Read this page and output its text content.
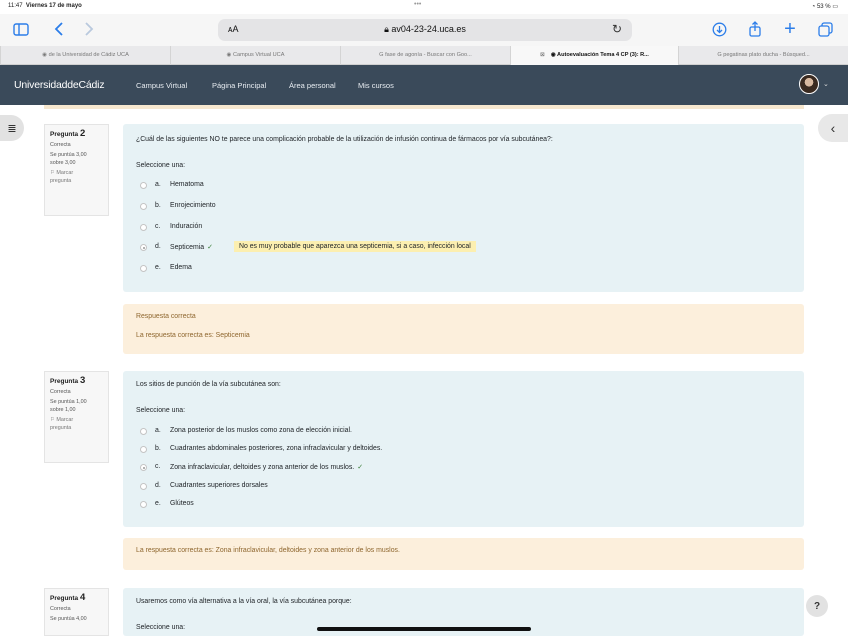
11:47 Viernes 17 de mayo	•••	◔ 53 % ▭
ᴀA	🔒︎ av04-23-24.uca.es	↻	+
◉ de la Universidad de Cádiz UCA	◉ Campus Virtual UCA	G fase de agonía - Buscar con Goo...	⊠ ◉ Autoevaluación Tema 4 CP (3): R...	G pegatinas plato ducha - Búsqued...
UniversidaddeCádiz	Campus Virtual	Página Principal	Área personal	Mis cursos	⌄
≣	‹
Pregunta 2
Correcta
Se puntúa 3,00
sobre 3,00
⚐ Marcar
pregunta
¿Cuál de las siguientes NO te parece una complicación probable de la utilización de infusión continua de fármacos por vía subcutánea?:
Seleccione una:
a. Hematoma
b. Enrojecimiento
c. Induración
d. Septicemia ✓	No es muy probable que aparezca una septicemia, si a caso, infección local
e. Edema
Respuesta correcta
La respuesta correcta es: Septicemia
Pregunta 3
Correcta
Se puntúa 1,00
sobre 1,00
⚐ Marcar
pregunta
Los sitios de punción de la vía subcutánea son:
Seleccione una:
a. Zona posterior de los muslos como zona de elección inicial.
b. Cuadrantes abdominales posteriores, zona infraclavicular y deltoides.
c. Zona infraclavicular, deltoides y zona anterior de los muslos. ✓
d. Cuadrantes superiores dorsales
e. Glúteos
La respuesta correcta es: Zona infraclavicular, deltoides y zona anterior de los muslos.
Pregunta 4
Correcta
Se puntúa 4,00
Usaremos como vía alternativa a la vía oral, la vía subcutánea porque:
Seleccione una:
?
